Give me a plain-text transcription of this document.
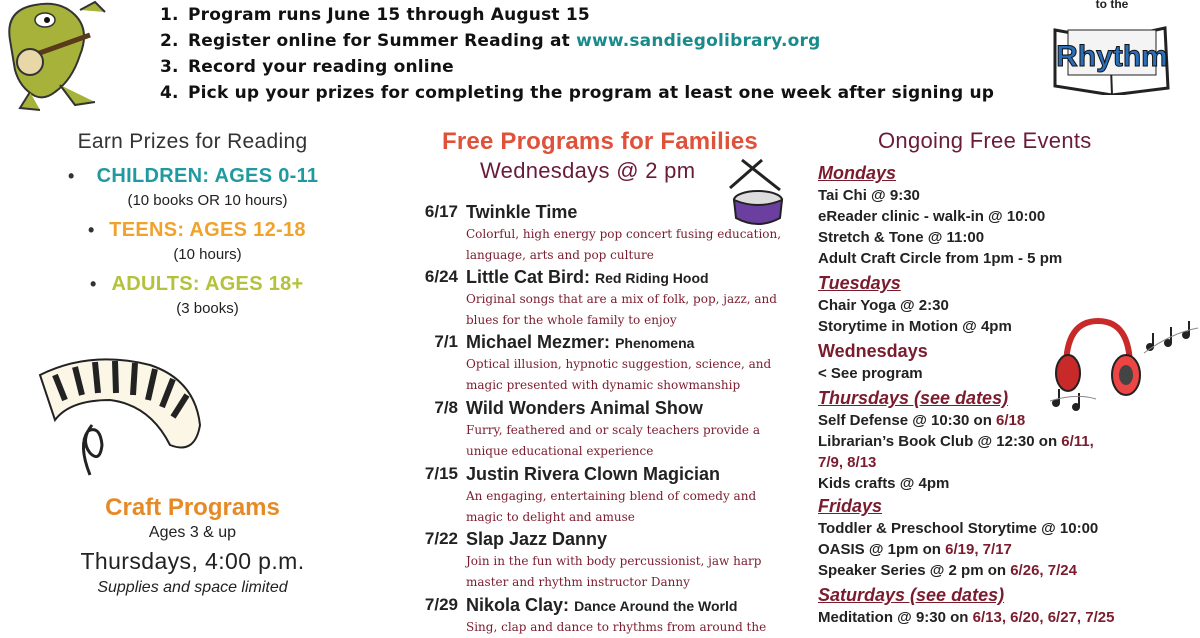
1. Program runs June 15 through August 15
2. Register online for Summer Reading at www.sandiegolibrary.org
3. Record your reading online
4. Pick up your prizes for completing the program at least one week after signing up
to the
Rhythm
Earn Prizes for Reading
• CHILDREN: AGES 0-11
(10 books OR 10 hours)
• TEENS: AGES 12-18
(10 hours)
• ADULTS: AGES 18+
(3 books)
Craft Programs
Ages 3 & up
Thursdays, 4:00 p.m.
Supplies and space limited
Free Programs for Families
Wednesdays @ 2 pm
6/17 Twinkle Time
Colorful, high energy pop concert fusing education, language, arts and pop culture
6/24 Little Cat Bird: Red Riding Hood
Original songs that are a mix of folk, pop, jazz, and blues for the whole family to enjoy
7/1 Michael Mezmer: Phenomena
Optical illusion, hypnotic suggestion, science, and magic presented with dynamic showmanship
7/8 Wild Wonders Animal Show
Furry, feathered and or scaly teachers provide a unique educational experience
7/15 Justin Rivera Clown Magician
An engaging, entertaining blend of comedy and magic to delight and amuse
7/22 Slap Jazz Danny
Join in the fun with body percussionist, jaw harp master and rhythm instructor Danny
7/29 Nikola Clay: Dance Around the World
Sing, clap and dance to rhythms from around the
Ongoing Free Events
Mondays
Tai Chi @ 9:30
eReader clinic - walk-in @ 10:00
Stretch & Tone @ 11:00
Adult Craft Circle from 1pm - 5 pm
Tuesdays
Chair Yoga @ 2:30
Storytime in Motion @ 4pm
Wednesdays
< See program
Thursdays (see dates)
Self Defense @ 10:30 on 6/18
Librarian’s Book Club @ 12:30 on 6/11,
7/9, 8/13
Kids crafts @ 4pm
Fridays
Toddler & Preschool Storytime @ 10:00
OASIS @ 1pm on 6/19, 7/17
Speaker Series @ 2 pm on 6/26, 7/24
Saturdays (see dates)
Meditation @ 9:30 on 6/13, 6/20, 6/27, 7/25
